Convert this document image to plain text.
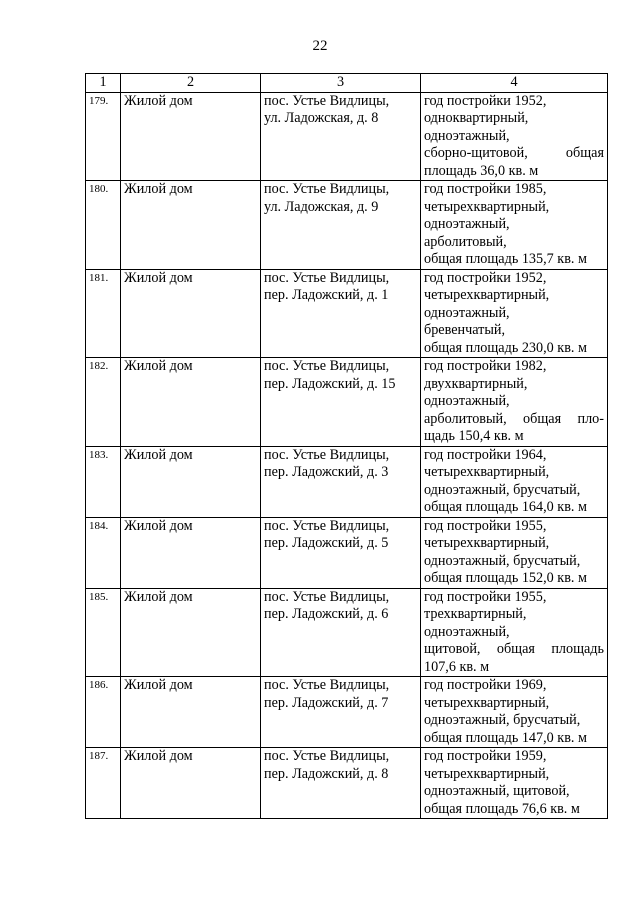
22
1	2	3	4
179.	Жилой дом	пос. Устье Видлицы,
ул. Ладожская, д. 8	год постройки 1952,
одноквартирный,
одноэтажный,
сборно-щитовой, общая
площадь 36,0 кв. м

180.	Жилой дом	пос. Устье Видлицы,
ул. Ладожская, д. 9	год постройки 1985,
четырехквартирный,
одноэтажный,
арболитовый,
общая площадь 135,7 кв. м

181.	Жилой дом	пос. Устье Видлицы,
пер. Ладожский, д. 1	год постройки 1952,
четырехквартирный,
одноэтажный,
бревенчатый,
общая площадь 230,0 кв. м

182.	Жилой дом	пос. Устье Видлицы,
пер. Ладожский, д. 15	год постройки 1982,
двухквартирный,
одноэтажный,
арболитовый, общая пло-
щадь 150,4 кв. м

183.	Жилой дом	пос. Устье Видлицы,
пер. Ладожский, д. 3	год постройки 1964,
четырехквартирный,
одноэтажный, брусчатый,
общая площадь 164,0 кв. м

184.	Жилой дом	пос. Устье Видлицы,
пер. Ладожский, д. 5	год постройки 1955,
четырехквартирный,
одноэтажный, брусчатый,
общая площадь 152,0 кв. м

185.	Жилой дом	пос. Устье Видлицы,
пер. Ладожский, д. 6	год постройки 1955,
трехквартирный,
одноэтажный,
щитовой, общая площадь
107,6 кв. м

186.	Жилой дом	пос. Устье Видлицы,
пер. Ладожский, д. 7	год постройки 1969,
четырехквартирный,
одноэтажный, брусчатый,
общая площадь 147,0 кв. м

187.	Жилой дом	пос. Устье Видлицы,
пер. Ладожский, д. 8	год постройки 1959,
четырехквартирный,
одноэтажный, щитовой,
общая площадь 76,6 кв. м
